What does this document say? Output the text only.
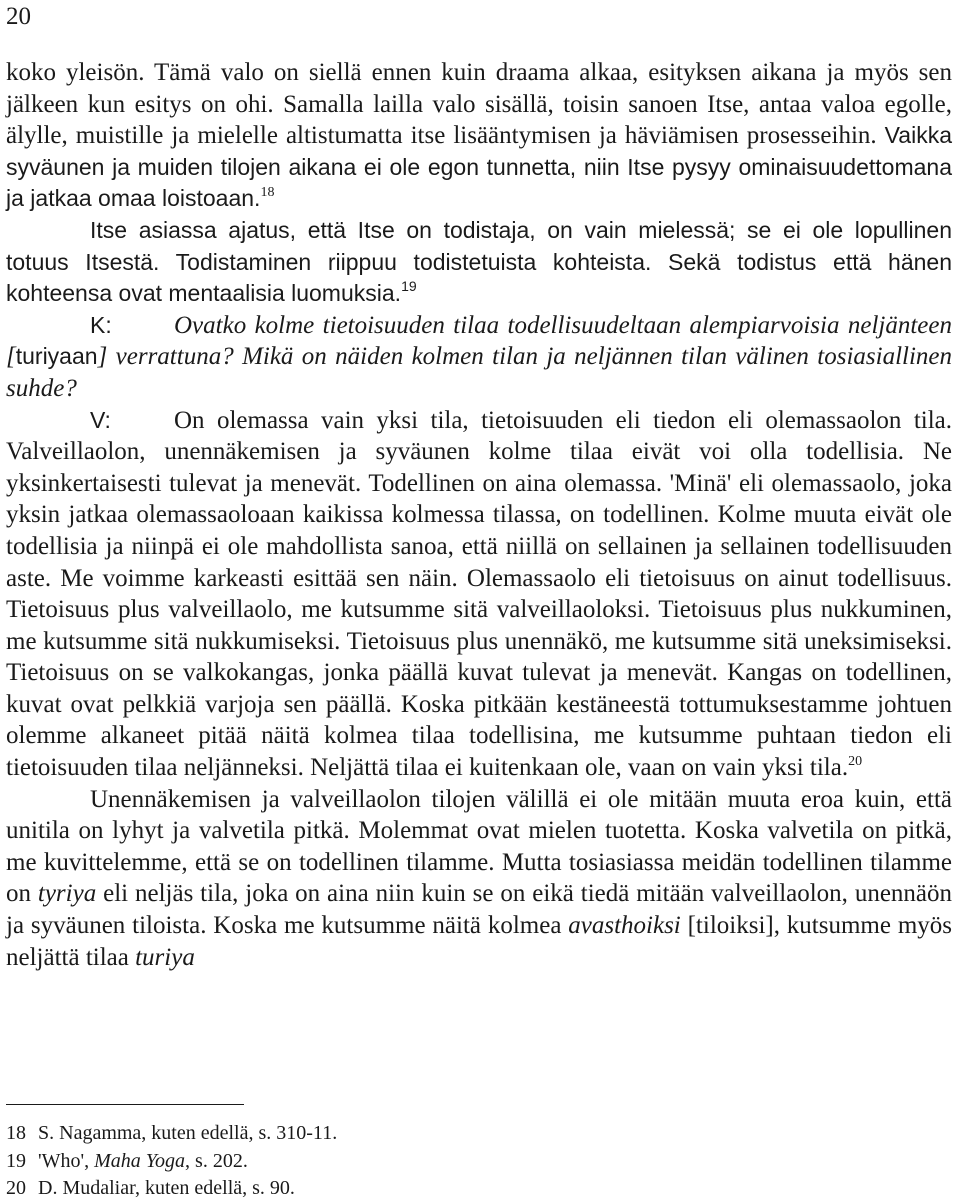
20

koko yleisön. Tämä valo on siellä ennen kuin draama alkaa, esityksen aikana ja myös sen jälkeen kun esitys on ohi. Samalla lailla valo sisällä, toisin sanoen Itse, antaa valoa egolle, älylle, muistille ja mielelle altistumatta itse lisääntymisen ja häviämisen prosesseihin. Vaikka syväunen ja muiden tilojen aikana ei ole egon tunnetta, niin Itse pysyy ominaisuudettomana ja jatkaa omaa loistoaan.$^{18}$

Itse asiassa ajatus, että Itse on todistaja, on vain mielessä; se ei ole lopullinen totuus Itsestä. Todistaminen riippuu todistetuista kohteista. Sekä todistus että hänen kohteensa ovat mentaalisia luomuksia.$^{19}$

K: Ovatko kolme tietoisuuden tilaa todellisuudeltaan alempiarvoisia neljänteen [turiyaan] verrattuna? Mikä on näiden kolmen tilan ja neljännen tilan välinen tosiasiallinen suhde?

V:	On olemassa vain yksi tila, tietoisuuden eli tiedon eli olemassaolon tila. Valveillaolon, unennäkemisen ja syväunen kolme tilaa eivät voi olla todellisia. Ne yksinkertaisesti tulevat ja menevät. Todellinen on aina olemassa. 'Minä' eli olemassaolo, joka yksin jatkaa olemassaoloaan kaikissa kolmessa tilassa, on todellinen. Kolme muuta eivät ole todellisia ja niinpä ei ole mahdollista sanoa, että niillä on sellainen ja sellainen todellisuuden aste. Me voimme karkeasti esittää sen näin. Olemassaolo eli tietoisuus on ainut todellisuus. Tietoisuus plus valveillaolo, me kutsumme sitä valveillaoloksi. Tietoisuus plus nukkuminen, me kutsumme sitä nukkumiseksi. Tietoisuus plus unennäkö, me kutsumme sitä uneksimiseksi. Tietoisuus on se valkokangas, jonka päällä kuvat tulevat ja menevät. Kangas on todellinen, kuvat ovat pelkkiä varjoja sen päällä. Koska pitkään kestäneestä tottumuksestamme johtuen olemme alkaneet pitää näitä kolmea tilaa todellisina, me kutsumme puhtaan tiedon eli tietoisuuden tilaa neljänneksi. Neljättä tilaa ei kuitenkaan ole, vaan on vain yksi tila.$^{20}$

Unennäkemisen ja valveillaolon tilojen välillä ei ole mitään muuta eroa kuin, että unitila on lyhyt ja valvetila pitkä. Molemmat ovat mielen tuotetta. Koska valvetila on pitkä, me kuvittelemme, että se on todellinen tilamme. Mutta tosiasiassa meidän todellinen tilamme on tyriya eli neljäs tila, joka on aina niin kuin se on eikä tiedä mitään valveillaolon, unennäön ja syväunen tiloista. Koska me kutsumme näitä kolmea avasthoiksi [tiloiksi], kutsumme myös neljättä tilaa turiya

18 S. Nagamma, kuten edellä, s. 310-11.
19 'Who', Maha Yoga, s. 202.
20 D. Mudaliar, kuten edellä, s. 90.
